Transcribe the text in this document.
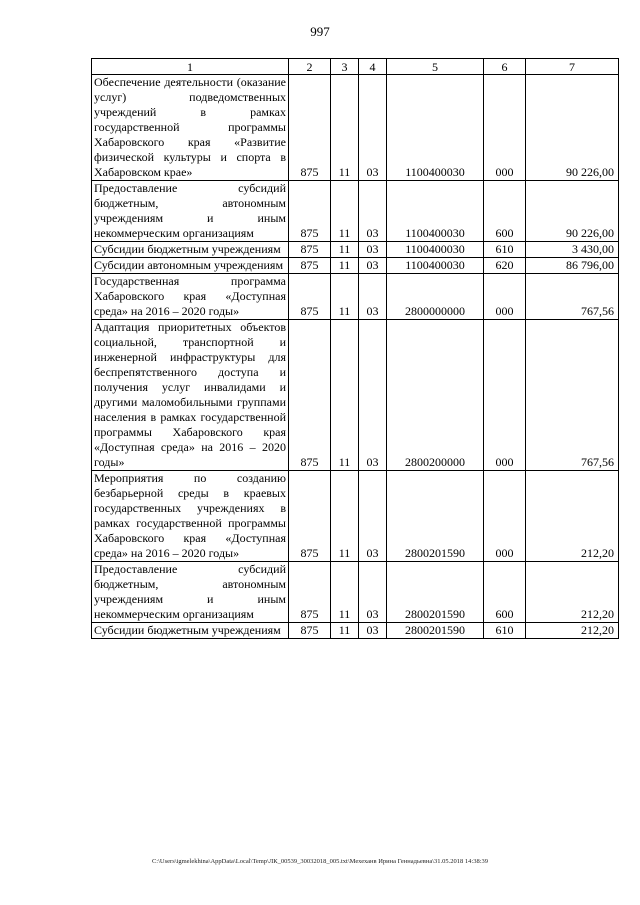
997
1	2	3	4	5	6	7
Обеспечение деятельности (оказание услуг) подведомственных учреждений в рамках государственной программы Хабаровского края «Развитие физической культуры и спорта в Хабаровском крае»	875	11	03	1100400030	000	90 226,00
Предоставление субсидий бюджетным, автономным учреждениям и иным некоммерческим организациям	875	11	03	1100400030	600	90 226,00
Субсидии бюджетным учреждениям	875	11	03	1100400030	610	3 430,00
Субсидии автономным учреждениям	875	11	03	1100400030	620	86 796,00
Государственная программа Хабаровского края «Доступная среда» на 2016 – 2020 годы»	875	11	03	2800000000	000	767,56
Адаптация приоритетных объектов социальной, транспортной и инженерной инфраструктуры для беспрепятственного доступа и получения услуг инвалидами и другими маломобильными группами населения в рамках государственной программы Хабаровского края «Доступная среда» на 2016 – 2020 годы»	875	11	03	2800200000	000	767,56
Мероприятия по созданию безбарьерной среды в краевых государственных учреждениях в рамках государственной программы Хабаровского края «Доступная среда» на 2016 – 2020 годы»	875	11	03	2800201590	000	212,20
Предоставление субсидий бюджетным, автономным учреждениям и иным некоммерческим организациям	875	11	03	2800201590	600	212,20
Субсидии бюджетным учреждениям	875	11	03	2800201590	610	212,20
C:\Users\igmelekhina\AppData\Local\Temp\ЛК_00539_30032018_005.txt\Мехеханв Ирина Геннадьевна\31.05.2018 14:38:39
